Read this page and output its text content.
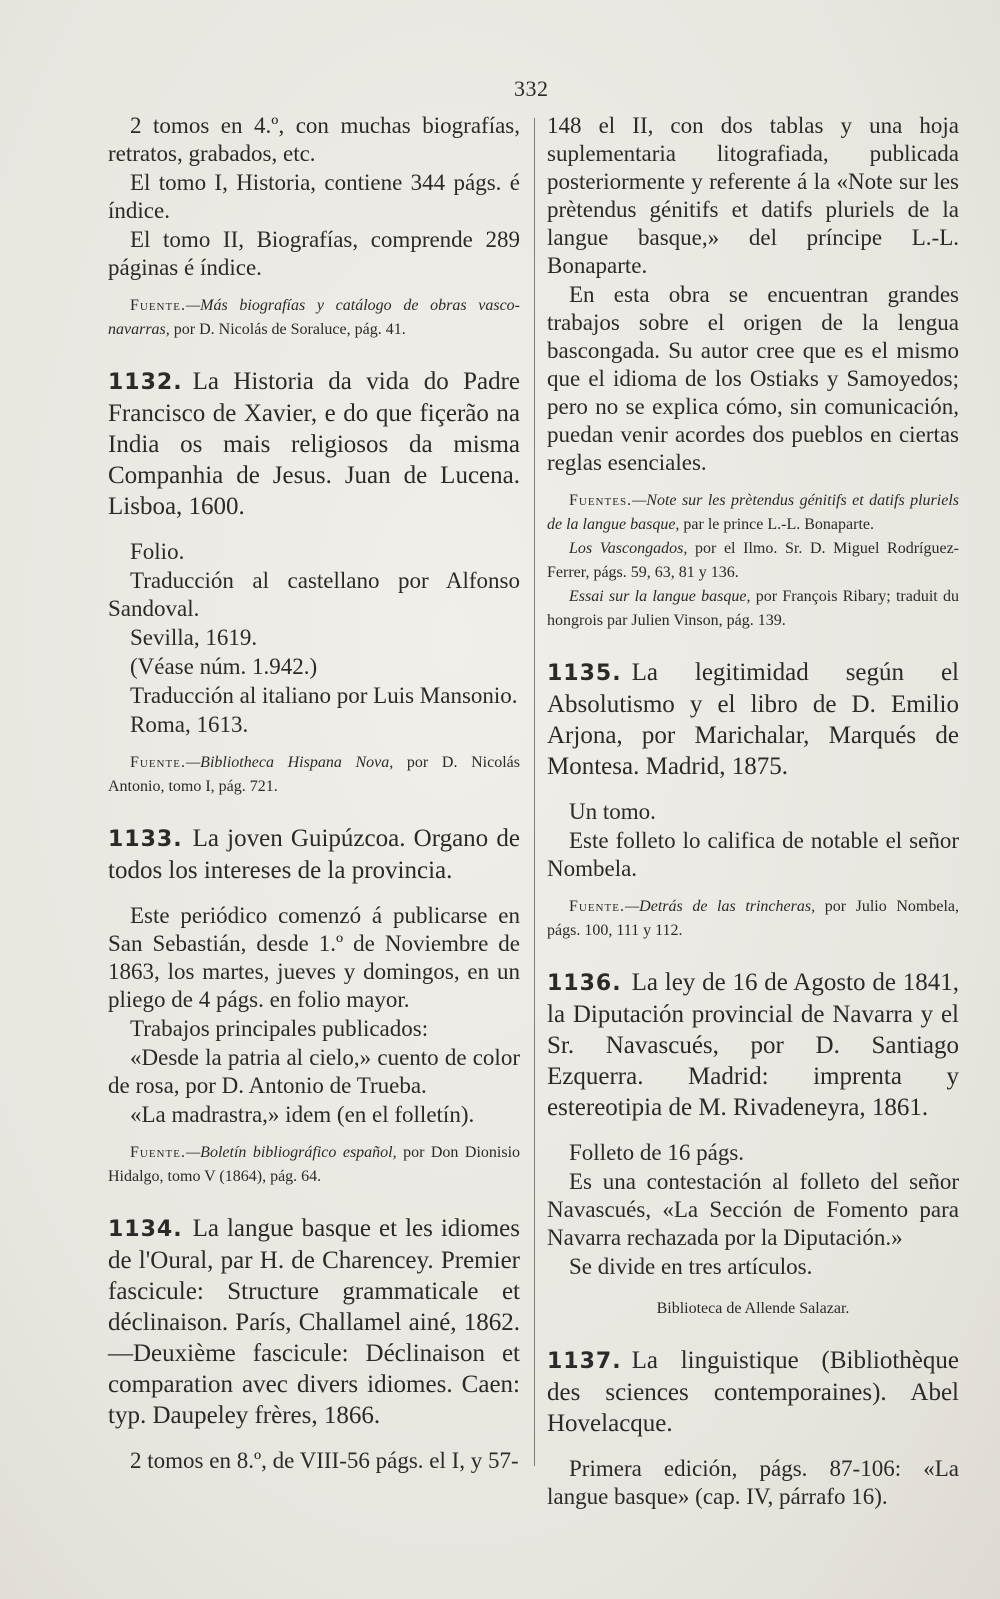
332

2 tomos en 4.º, con muchas biografías, retratos, grabados, etc.

El tomo I, Historia, contiene 344 págs. é índice.

El tomo II, Biografías, comprende 289 páginas é índice.

Fuente.—Más biografías y catálogo de obras vasco-navarras, por D. Nicolás de Soraluce, pág. 41.

1132. La Historia da vida do Padre Francisco de Xavier, e do que fiçerão na India os mais religiosos da misma Companhia de Jesus. Juan de Lucena. Lisboa, 1600.

Folio.

Traducción al castellano por Alfonso Sandoval.

Sevilla, 1619.

(Véase núm. 1.942.)

Traducción al italiano por Luis Mansonio.

Roma, 1613.

Fuente.—Bibliotheca Hispana Nova, por D. Nicolás Antonio, tomo I, pág. 721.

1133. La joven Guipúzcoa. Organo de todos los intereses de la provincia.

Este periódico comenzó á publicarse en San Sebastián, desde 1.º de Noviembre de 1863, los martes, jueves y domingos, en un pliego de 4 págs. en folio mayor.

Trabajos principales publicados:

«Desde la patria al cielo,» cuento de color de rosa, por D. Antonio de Trueba.

«La madrastra,» idem (en el folletín).

Fuente.—Boletín bibliográfico español, por Don Dionisio Hidalgo, tomo V (1864), pág. 64.

1134. La langue basque et les idiomes de l'Oural, par H. de Charencey. Premier fascicule: Structure grammaticale et déclinaison. París, Challamel ainé, 1862.—Deuxième fascicule: Déclinaison et comparation avec divers idiomes. Caen: typ. Daupeley frères, 1866.

2 tomos en 8.º, de VIII-56 págs. el I, y 57-

148 el II, con dos tablas y una hoja suplementaria litografiada, publicada posteriormente y referente á la «Note sur les prètendus génitifs et datifs pluriels de la langue basque,» del príncipe L.-L. Bonaparte.

En esta obra se encuentran grandes trabajos sobre el origen de la lengua bascongada. Su autor cree que es el mismo que el idioma de los Ostiaks y Samoyedos; pero no se explica cómo, sin comunicación, puedan venir acordes dos pueblos en ciertas reglas esenciales.

Fuentes.—Note sur les prètendus génitifs et datifs pluriels de la langue basque, par le prince L.-L. Bonaparte.

Los Vascongados, por el Ilmo. Sr. D. Miguel Rodríguez-Ferrer, págs. 59, 63, 81 y 136.

Essai sur la langue basque, por François Ribary; traduit du hongrois par Julien Vinson, pág. 139.

1135. La legitimidad según el Absolutismo y el libro de D. Emilio Arjona, por Marichalar, Marqués de Montesa. Madrid, 1875.

Un tomo.

Este folleto lo califica de notable el señor Nombela.

Fuente.—Detrás de las trincheras, por Julio Nombela, págs. 100, 111 y 112.

1136. La ley de 16 de Agosto de 1841, la Diputación provincial de Navarra y el Sr. Navascués, por D. Santiago Ezquerra. Madrid: imprenta y estereotipia de M. Rivadeneyra, 1861.

Folleto de 16 págs.

Es una contestación al folleto del señor Navascués, «La Sección de Fomento para Navarra rechazada por la Diputación.»

Se divide en tres artículos.

Biblioteca de Allende Salazar.

1137. La linguistique (Bibliothèque des sciences contemporaines). Abel Hovelacque.

Primera edición, págs. 87-106: «La langue basque» (cap. IV, párrafo 16).
